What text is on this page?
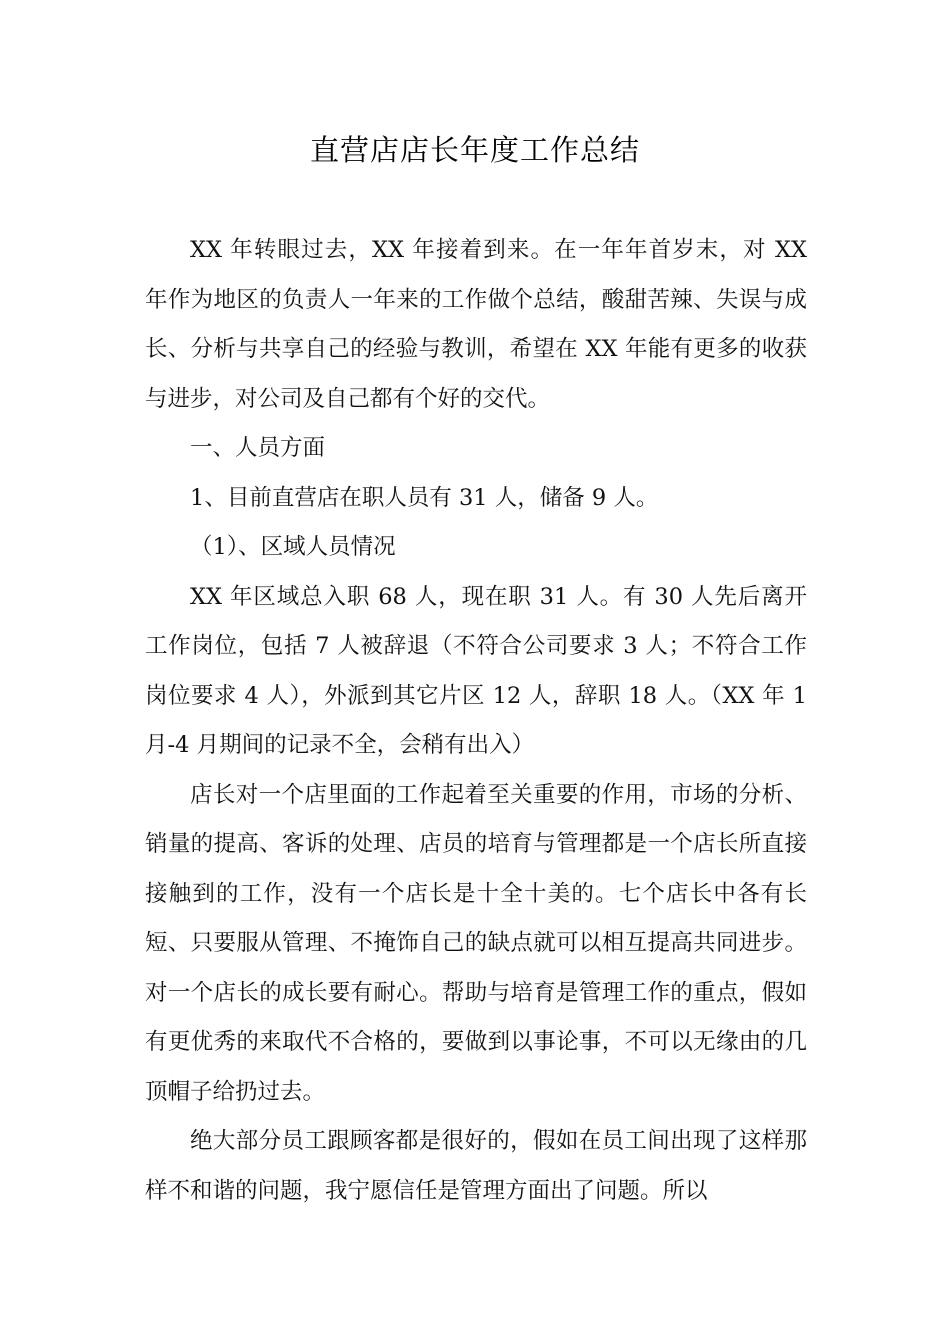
直营店店长年度工作总结

XX 年转眼过去，XX 年接着到来。在一年年首岁末，对 XX 年作为地区的负责人一年来的工作做个总结，酸甜苦辣、失误与成长、分析与共享自己的经验与教训，希望在 XX 年能有更多的收获与进步，对公司及自己都有个好的交代。

一、人员方面

1、目前直营店在职人员有 31 人，储备 9 人。

（1）、区域人员情况

XX 年区域总入职 68 人，现在职 31 人。有 30 人先后离开工作岗位，包括 7 人被辞退（不符合公司要求 3 人；不符合工作岗位要求 4 人），外派到其它片区 12 人，辞职 18 人。（XX 年 1 月-4 月期间的记录不全，会稍有出入）

店长对一个店里面的工作起着至关重要的作用，市场的分析、销量的提高、客诉的处理、店员的培育与管理都是一个店长所直接接触到的工作，没有一个店长是十全十美的。七个店长中各有长短、只要服从管理、不掩饰自己的缺点就可以相互提高共同进步。对一个店长的成长要有耐心。帮助与培育是管理工作的重点，假如有更优秀的来取代不合格的，要做到以事论事，不可以无缘由的几顶帽子给扔过去。

绝大部分员工跟顾客都是很好的，假如在员工间出现了这样那样不和谐的问题，我宁愿信任是管理方面出了问题。所以
